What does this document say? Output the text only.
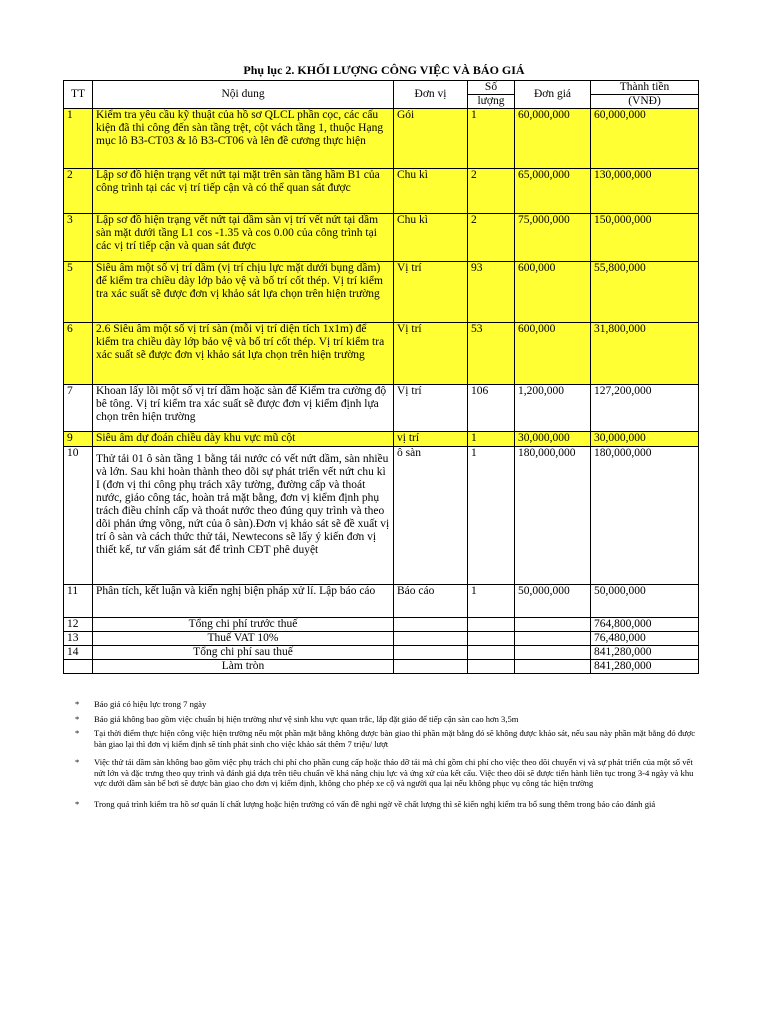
Phụ lục 2. KHỐI LƯỢNG CÔNG VIỆC VÀ BÁO GIÁ
TT	Nội dung	Đơn vị	Số	Đơn giá	Thành tiền
			lượng		(VNĐ)
1	Kiểm tra yêu cầu kỹ thuật của hồ sơ QLCL phần cọc, các cấu kiện đã thi công đến sàn tầng trệt, cột vách tầng 1, thuộc Hạng mục lô B3-CT03 & lô B3-CT06 và lên đề cương thực hiện	Gói	1	60,000,000	60,000,000
2	Lập sơ đồ hiện trạng vết nứt tại mặt trên sàn tầng hầm B1 của công trình tại các vị trí tiếp cận và có thể quan sát được	Chu kì	2	65,000,000	130,000,000
3	Lập sơ đồ hiện trạng vết nứt tại dầm sàn vị trí vết nứt tại dầm sàn mặt dưới tầng L1 cos -1.35 và cos 0.00 của công trình tại các vị trí tiếp cận và quan sát được	Chu kì	2	75,000,000	150,000,000
5	Siêu âm một số vị trí dầm (vị trí chịu lực mặt dưới bụng dầm) để kiểm tra chiều dày lớp bảo vệ và bố trí cốt thép. Vị trí kiểm tra xác suất sẽ được đơn vị khảo sát lựa chọn trên hiện trường	Vị trí	93	600,000	55,800,000
6	2.6 Siêu âm một số vị trí sàn (mỗi vị trí diện tích 1x1m) để kiểm tra chiều dày lớp bảo vệ và bố trí cốt thép. Vị trí kiểm tra xác suất sẽ được đơn vị khảo sát lựa chọn trên hiện trường	Vị trí	53	600,000	31,800,000
7	Khoan lấy lõi một số vị trí dầm hoặc sàn để Kiểm tra cường độ bê tông. Vị trí kiểm tra xác suất sẽ được đơn vị kiểm định lựa chọn trên hiện trường	Vị trí	106	1,200,000	127,200,000
9	Siêu âm dự đoán chiều dày khu vực mũ cột	vị trí	1	30,000,000	30,000,000
10	Thử tải 01 ô sàn tầng 1 bằng tải nước có vết nứt dầm, sàn nhiều và lớn. Sau khi hoàn thành theo dõi sự phát triển vết nứt chu kì I (đơn vị thi công phụ trách xây tường, đường cấp và thoát nước, giáo công tác, hoàn trả mặt bằng, đơn vị kiểm định phụ trách điều chỉnh cấp và thoát nước theo đúng quy trình và theo dõi phản ứng võng, nứt của ô sàn).Đơn vị khảo sát sẽ đề xuất vị trí ô sàn và cách thức thử tải, Newtecons sẽ lấy ý kiến đơn vị thiết kế, tư vấn giám sát để trình CĐT phê duyệt	ô sàn	1	180,000,000	180,000,000
11	Phân tích, kết luận và kiến nghị biện pháp xử lí. Lập báo cáo	Báo cáo	1	50,000,000	50,000,000
12	Tổng chi phí trước thuế				764,800,000
13	Thuế VAT 10%				76,480,000
14	Tổng chi phí sau thuế				841,280,000
	Làm tròn				841,280,000
*	Báo giá có hiệu lực trong 7 ngày
*	Báo giá không bao gồm việc chuẩn bị hiện trường như vệ sinh khu vực quan trắc, lắp đặt giáo để tiếp cận sàn cao hơn 3,5m
*	Tại thời điểm thực hiện công việc hiện trường nếu một phần mặt bằng không được bàn giao thì phần mặt bằng đó sẽ không được khảo sát, nếu sau này phần mặt bằng đó được bàn giao lại thì đơn vị kiểm định sẽ tính phát sinh cho việc khảo sát thêm 7 triệu/ lượt
*	Việc thử tải dầm sàn không bao gồm việc phụ trách chi phí cho phần cung cấp hoặc tháo dỡ tải mà chỉ gồm chi phí cho việc theo dõi chuyển vị và sự phát triển của một số vết nứt lớn và đặc trưng theo quy trình và đánh giá dựa trên tiêu chuẩn về khả năng chịu lực và ứng xử của kết cấu. Việc theo dõi sẽ được tiến hành liên tục trong 3-4 ngày và khu vực dưới dầm sàn bể bơi sẽ được bàn giao cho đơn vị kiểm định, không cho phép xe cộ và người qua lại nếu không phục vụ công tác hiện trường
*	Trong quá trình kiểm tra hồ sơ quản lí chất lượng hoặc hiện trường có vấn đề nghi ngờ về chất lượng thì sẽ kiến nghị kiểm tra bổ sung thêm trong báo cáo đánh giá
